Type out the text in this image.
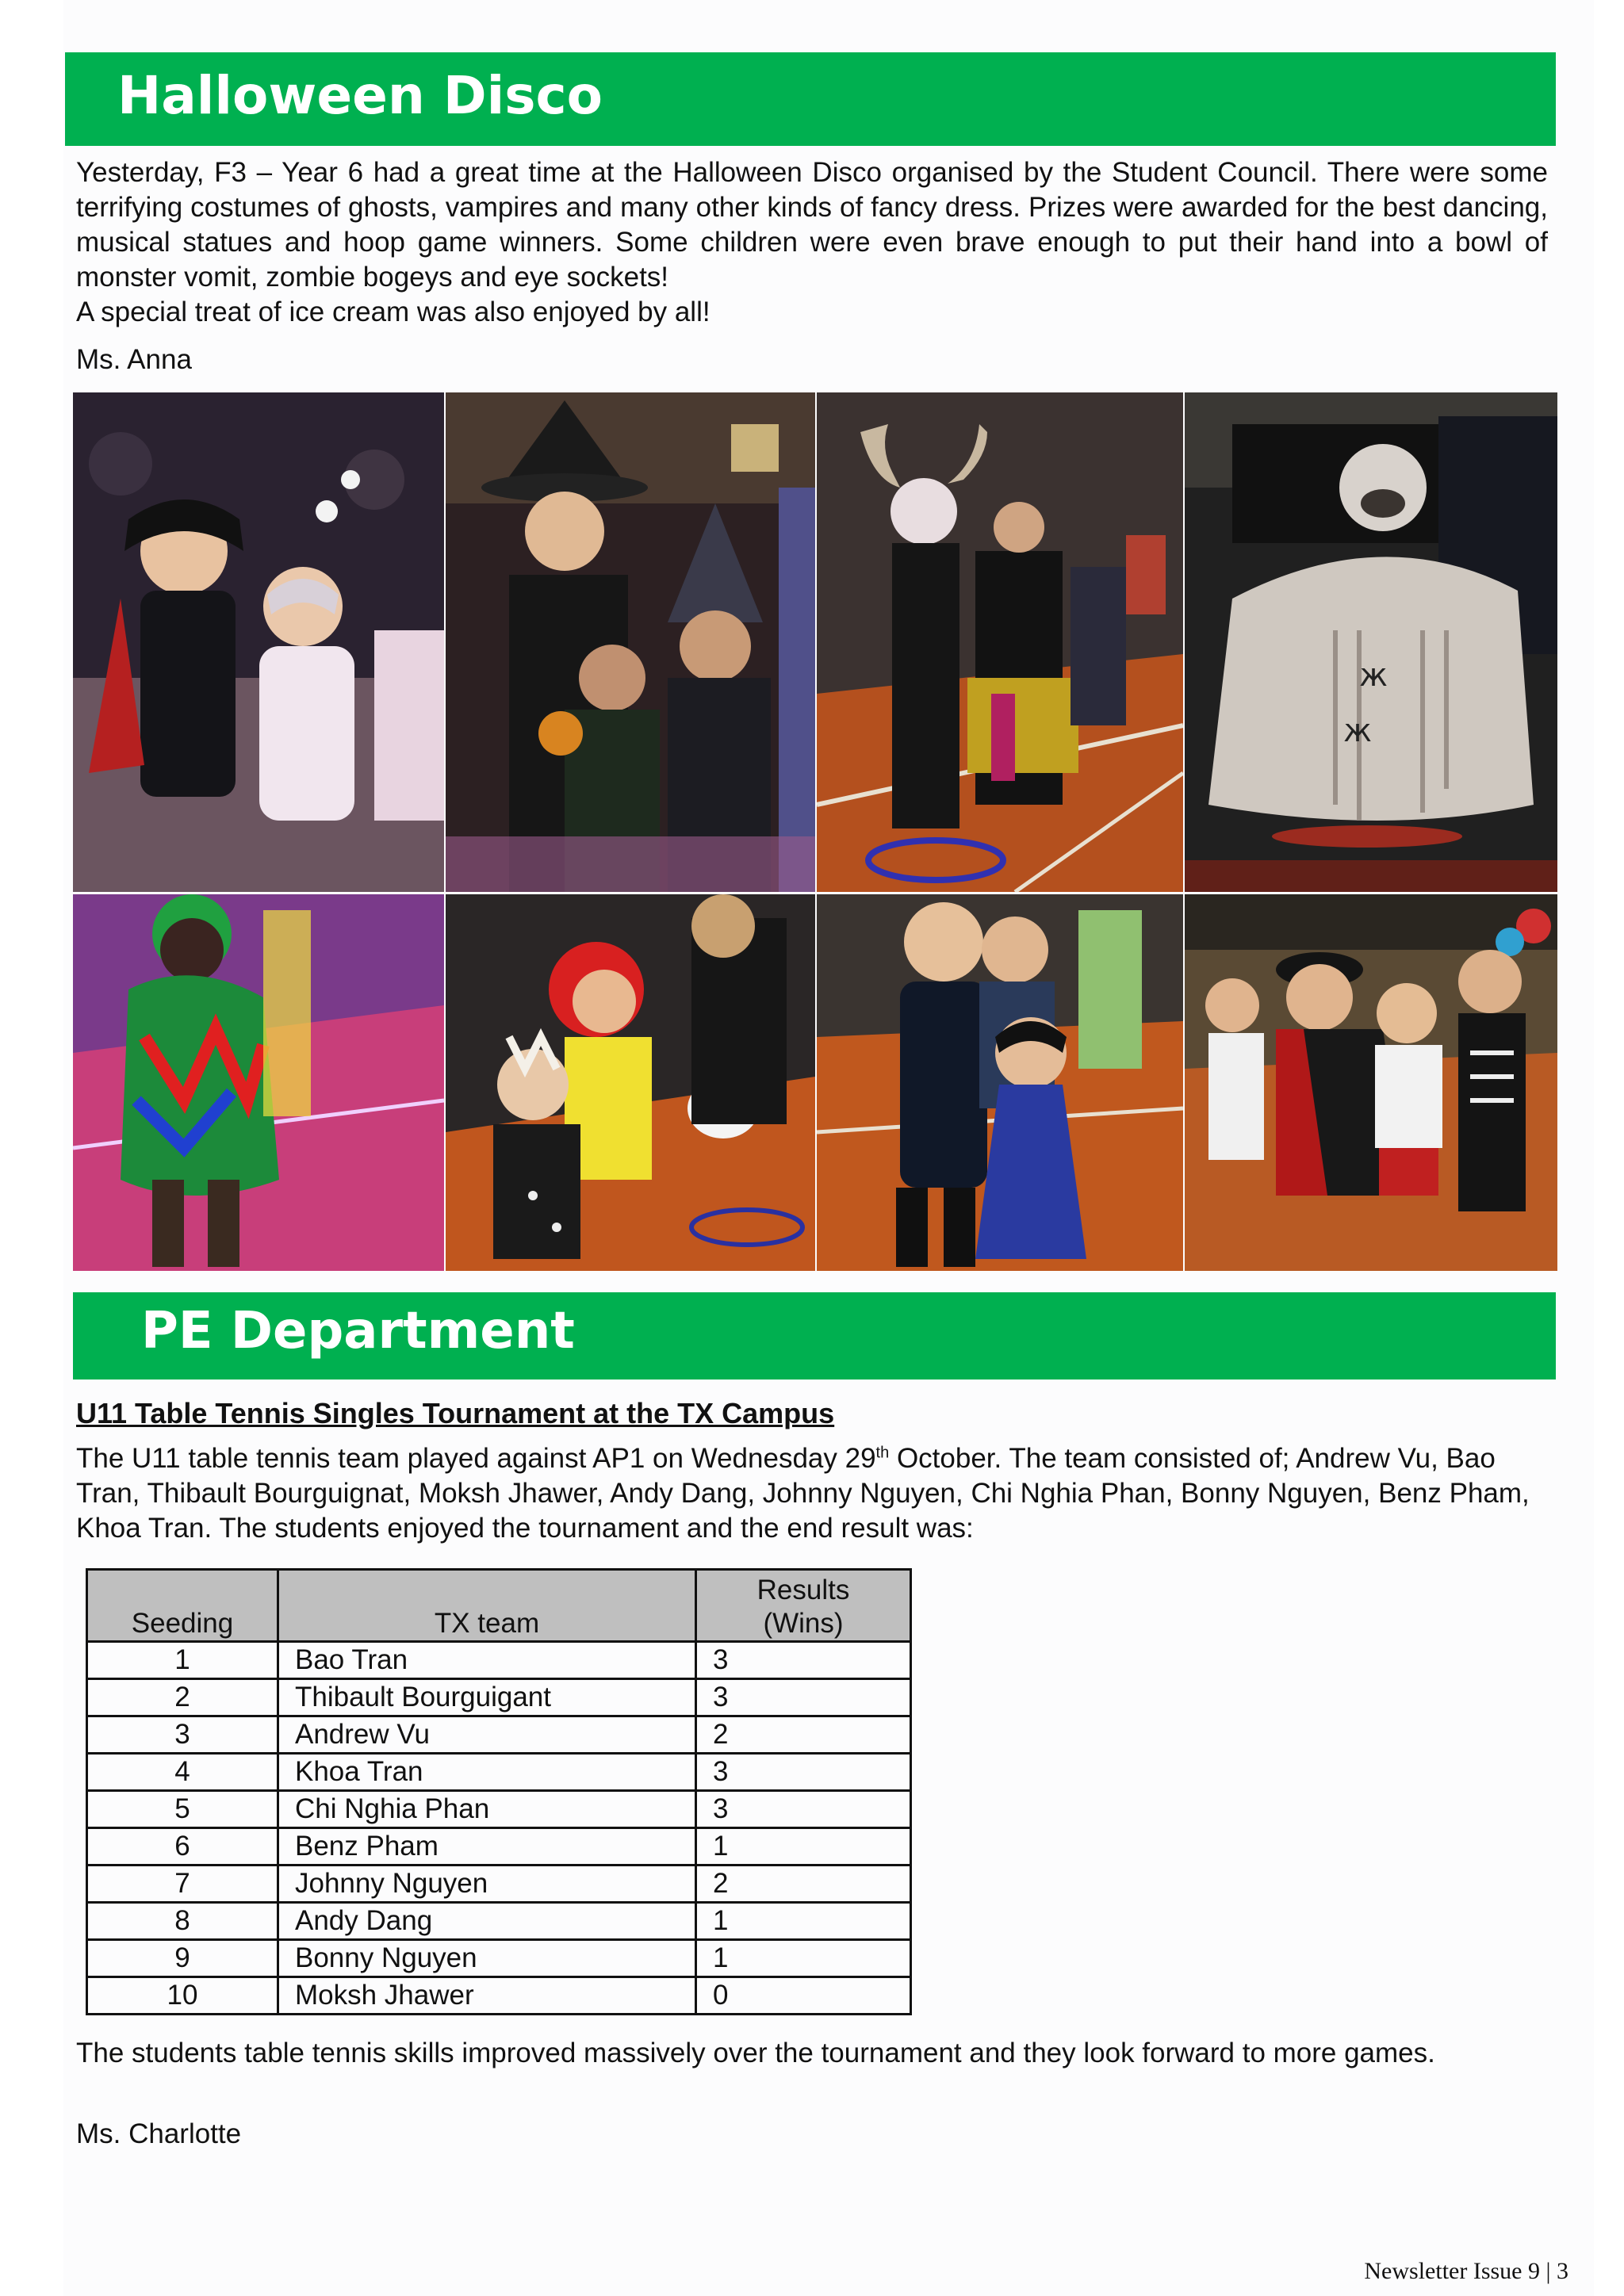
Halloween Disco

Yesterday, F3 – Year 6 had a great time at the Halloween Disco organised by the Student Council. There were some terrifying costumes of ghosts, vampires and many other kinds of fancy dress. Prizes were awarded for the best dancing, musical statues and hoop game winners. Some children were even brave enough to put their hand into a bowl of monster vomit, zombie bogeys and eye sockets!

A special treat of ice cream was also enjoyed by all!

Ms. Anna

ж
ж
PE Department
U11 Table Tennis Singles Tournament at the TX Campus

The U11 table tennis team played against AP1 on Wednesday 29th October. The team consisted of; Andrew Vu, Bao Tran, Thibault Bourguignat, Moksh Jhawer, Andy Dang, Johnny Nguyen, Chi Nghia Phan, Bonny Nguyen, Benz Pham, Khoa Tran. The students enjoyed the tournament and the end result was:

Seeding	TX team	Results
(Wins)
1	Bao Tran	3
2	Thibault Bourguigant	3
3	Andrew Vu	2
4	Khoa Tran	3
5	Chi Nghia Phan	3
6	Benz Pham	1
7	Johnny Nguyen	2
8	Andy Dang	1
9	Bonny Nguyen	1
10	Moksh Jhawer	0

The students table tennis skills improved massively over the tournament and they look forward to more games.

Ms. Charlotte

Newsletter Issue 9 | 3
